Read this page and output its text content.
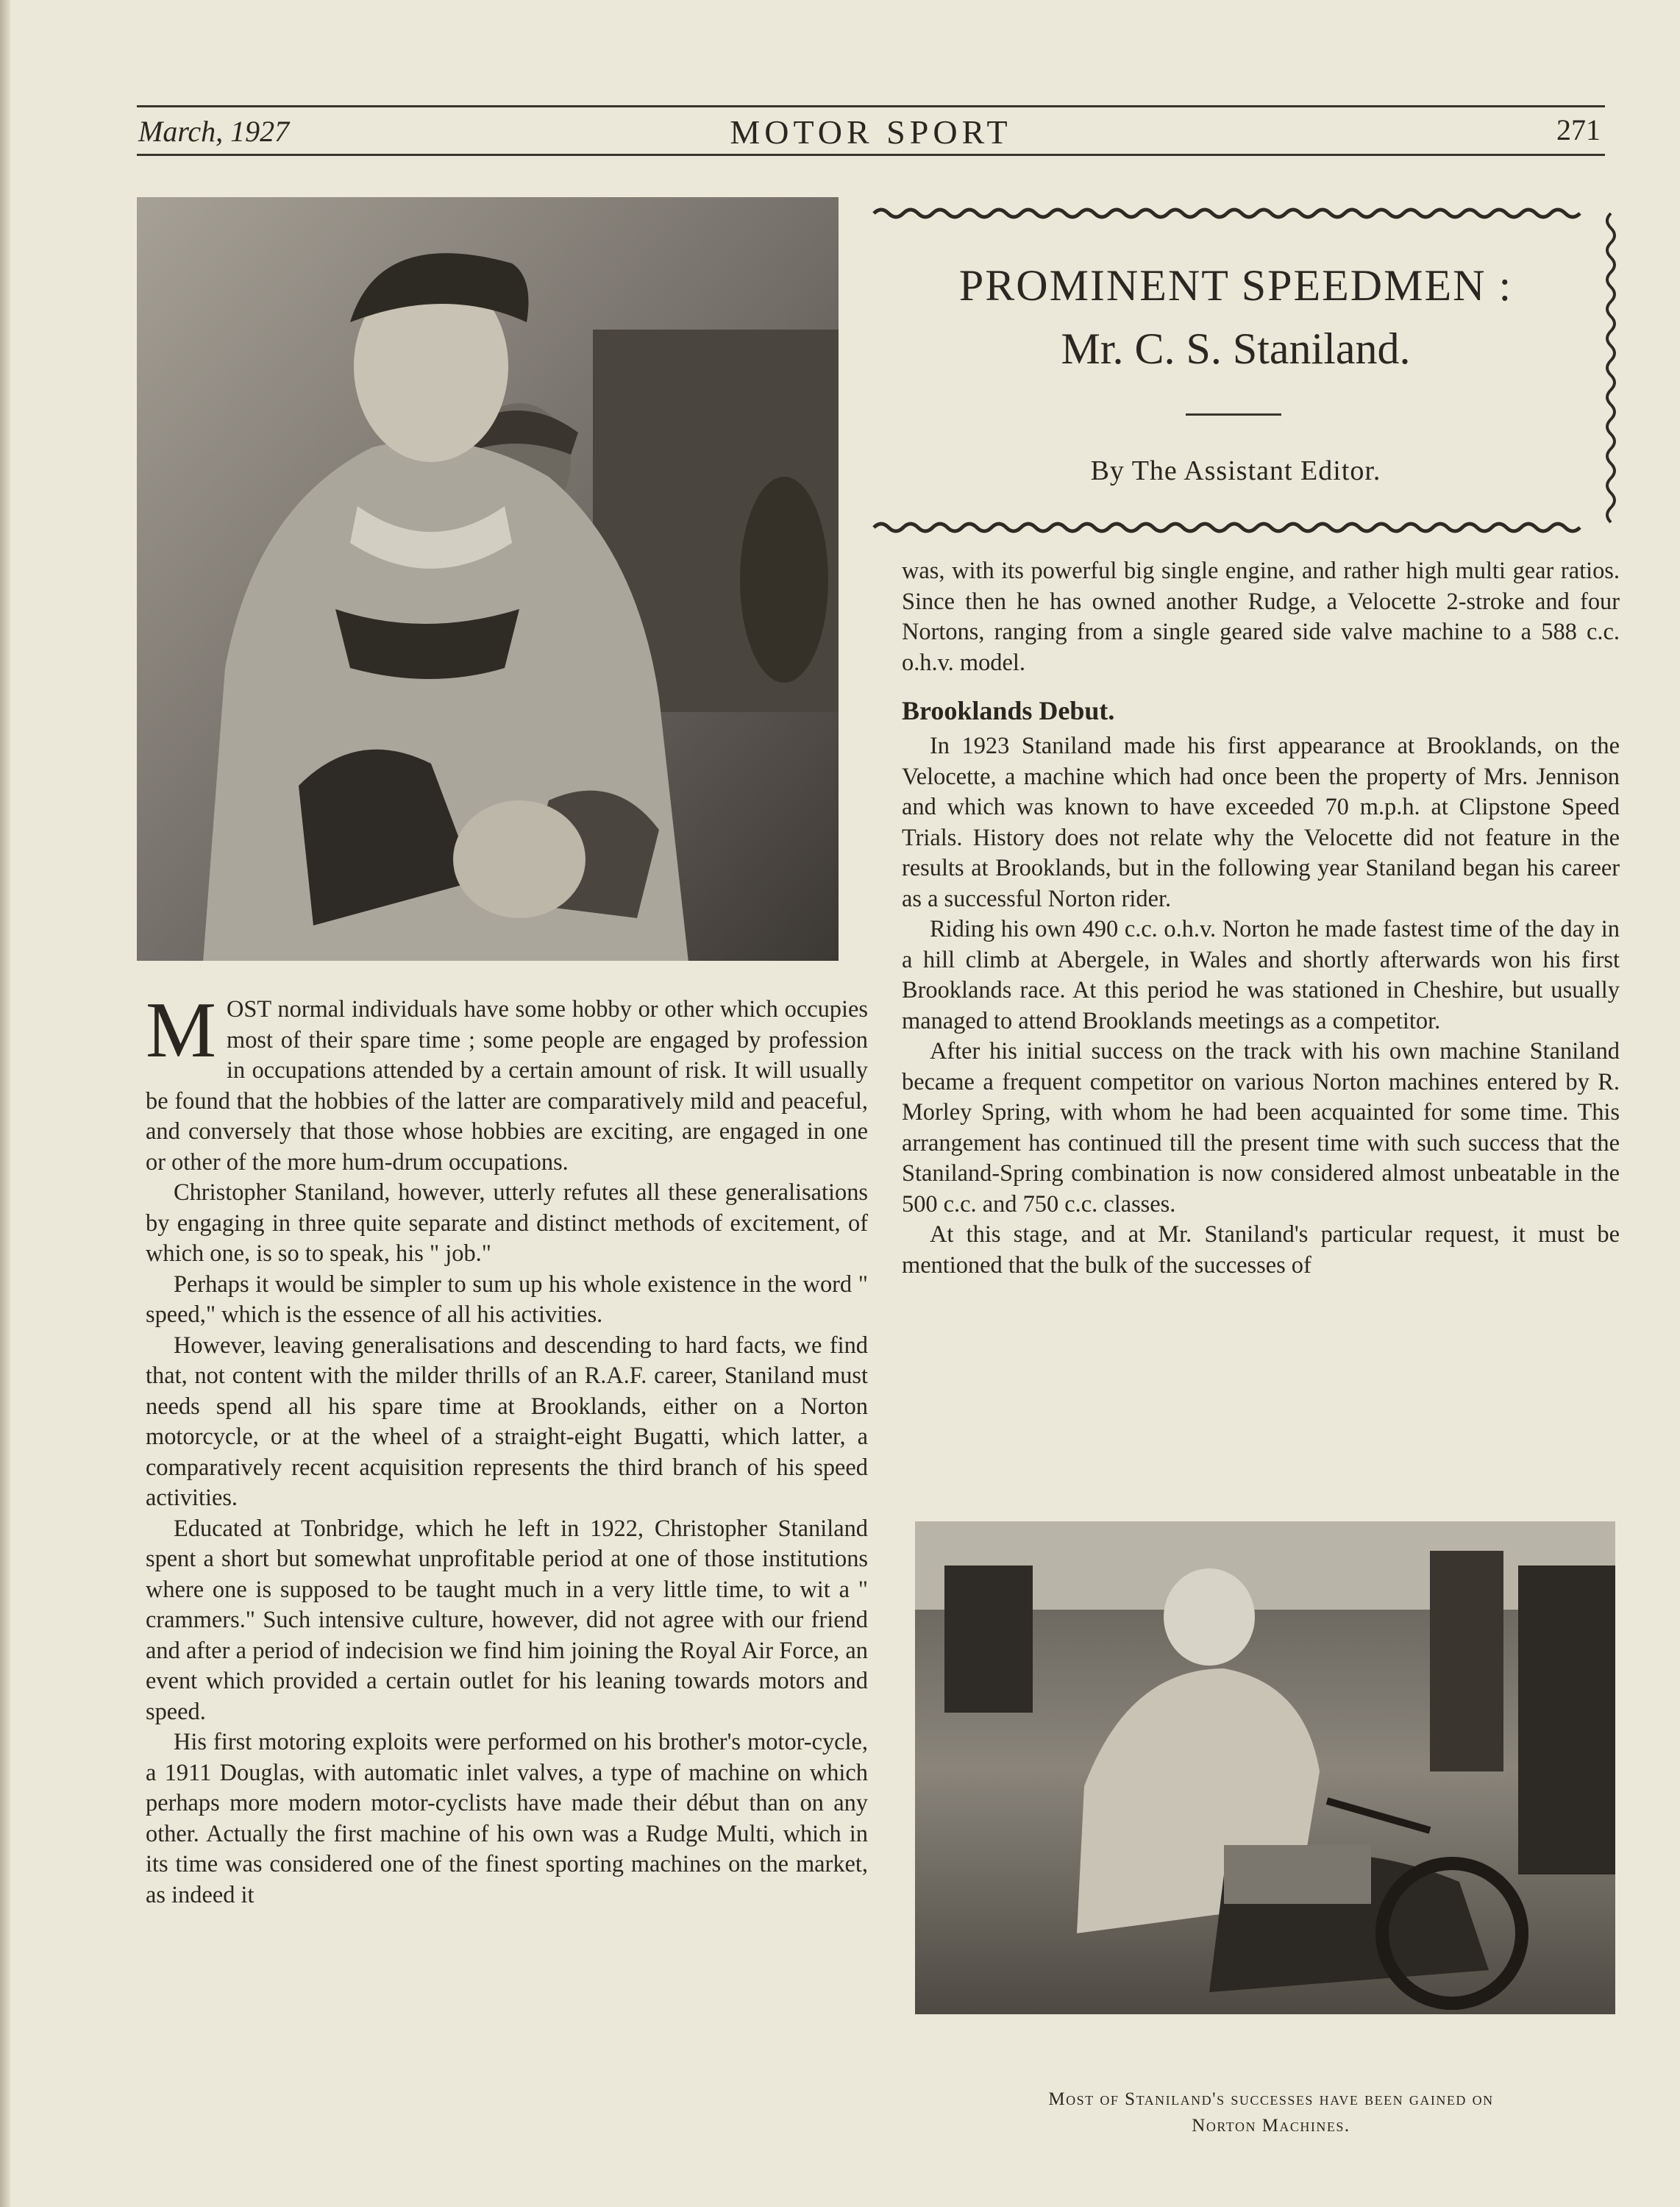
March, 1927	MOTOR SPORT	271
PROMINENT SPEEDMEN :
Mr. C. S. Staniland.
By The Assistant Editor.

MOST normal individuals have some hobby or other which occupies most of their spare time ; some people are engaged by profession in occupations attended by a certain amount of risk. It will usually be found that the hobbies of the latter are comparatively mild and peaceful, and conversely that those whose hobbies are exciting, are engaged in one or other of the more hum-drum occupations.

Christopher Staniland, however, utterly refutes all these generalisations by engaging in three quite separate and distinct methods of excitement, of which one, is so to speak, his " job."

Perhaps it would be simpler to sum up his whole existence in the word " speed," which is the essence of all his activities.

However, leaving generalisations and descending to hard facts, we find that, not content with the milder thrills of an R.A.F. career, Staniland must needs spend all his spare time at Brooklands, either on a Norton motorcycle, or at the wheel of a straight-eight Bugatti, which latter, a comparatively recent acquisition represents the third branch of his speed activities.

Educated at Tonbridge, which he left in 1922, Christopher Staniland spent a short but somewhat unprofitable period at one of those institutions where one is supposed to be taught much in a very little time, to wit a " crammers." Such intensive culture, however, did not agree with our friend and after a period of indecision we find him joining the Royal Air Force, an event which provided a certain outlet for his leaning towards motors and speed.

His first motoring exploits were performed on his brother's motor-cycle, a 1911 Douglas, with automatic inlet valves, a type of machine on which perhaps more modern motor-cyclists have made their début than on any other. Actually the first machine of his own was a Rudge Multi, which in its time was considered one of the finest sporting machines on the market, as indeed it

was, with its powerful big single engine, and rather high multi gear ratios. Since then he has owned another Rudge, a Velocette 2-stroke and four Nortons, ranging from a single geared side valve machine to a 588 c.c. o.h.v. model.

Brooklands Debut.

In 1923 Staniland made his first appearance at Brooklands, on the Velocette, a machine which had once been the property of Mrs. Jennison and which was known to have exceeded 70 m.p.h. at Clipstone Speed Trials. History does not relate why the Velocette did not feature in the results at Brooklands, but in the following year Staniland began his career as a successful Norton rider.

Riding his own 490 c.c. o.h.v. Norton he made fastest time of the day in a hill climb at Abergele, in Wales and shortly afterwards won his first Brooklands race. At this period he was stationed in Cheshire, but usually managed to attend Brooklands meetings as a competitor.

After his initial success on the track with his own machine Staniland became a frequent competitor on various Norton machines entered by R. Morley Spring, with whom he had been acquainted for some time. This arrangement has continued till the present time with such success that the Staniland-Spring combination is now considered almost unbeatable in the 500 c.c. and 750 c.c. classes.

At this stage, and at Mr. Staniland's particular request, it must be mentioned that the bulk of the successes of

Most of Staniland's successes have been gained on
Norton Machines.
